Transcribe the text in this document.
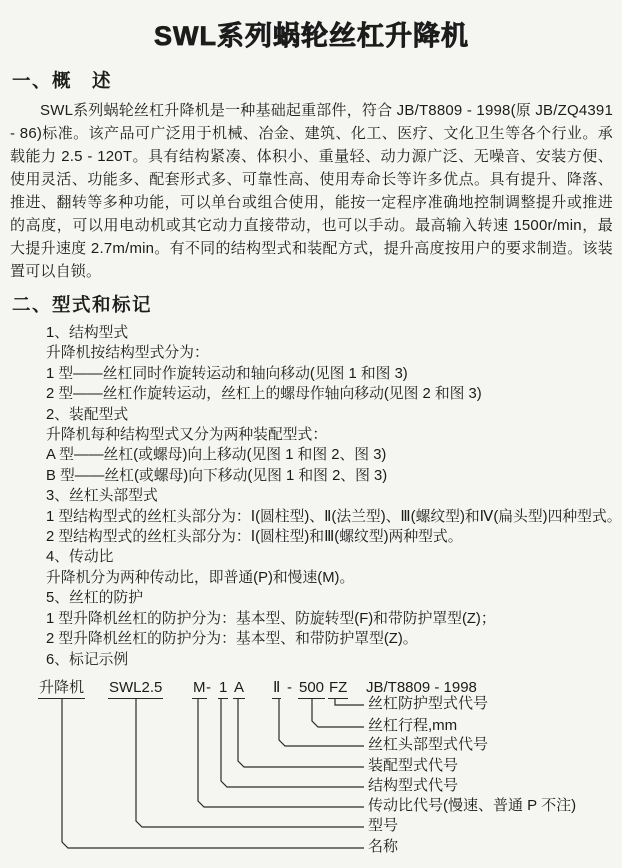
SWL系列蜗轮丝杠升降机
一、概　述

SWL系列蜗轮丝杠升降机是一种基础起重部件，符合 JB/T8809 - 1998(原 JB/ZQ4391 - 86)标准。该产品可广泛用于机械、冶金、建筑、化工、医疗、文化卫生等各个行业。承载能力 2.5 - 120T。具有结构紧凑、体积小、重量轻、动力源广泛、无噪音、安装方便、使用灵活、功能多、配套形式多、可靠性高、使用寿命长等许多优点。具有提升、降落、推进、翻转等多种功能，可以单台或组合使用，能按一定程序准确地控制调整提升或推进的高度，可以用电动机或其它动力直接带动，也可以手动。最高输入转速 1500r/min，最大提升速度 2.7m/min。有不同的结构型式和装配方式，提升高度按用户的要求制造。该装置可以自锁。

二、型式和标记
1、结构型式
升降机按结构型式分为：
1 型——丝杠同时作旋转运动和轴向移动(见图 1 和图 3)
2 型——丝杠作旋转运动，丝杠上的螺母作轴向移动(见图 2 和图 3)
2、装配型式
升降机每种结构型式又分为两种装配型式：
A 型——丝杠(或螺母)向上移动(见图 1 和图 2、图 3)
B 型——丝杠(或螺母)向下移动(见图 1 和图 2、图 3)
3、丝杠头部型式
1 型结构型式的丝杠头部分为：Ⅰ(圆柱型)、Ⅱ(法兰型)、Ⅲ(螺纹型)和Ⅳ(扁头型)四种型式。
2 型结构型式的丝杠头部分为：Ⅰ(圆柱型)和Ⅲ(螺纹型)两种型式。
4、传动比
升降机分为两种传动比，即普通(P)和慢速(M)。
5、丝杠的防护
1 型升降机丝杠的防护分为：基本型、防旋转型(F)和带防护罩型(Z)；
2 型升降机丝杠的防护分为：基本型、和带防护罩型(Z)。
6、标记示例
升降机 SWL2.5 M - 1 A Ⅱ - 500 FZ JB/T8809 - 1998
丝杠防护型式代号
丝杠行程,mm
丝杠头部型式代号
装配型式代号
结构型式代号
传动比代号(慢速、普通 P 不注)
型号
名称
